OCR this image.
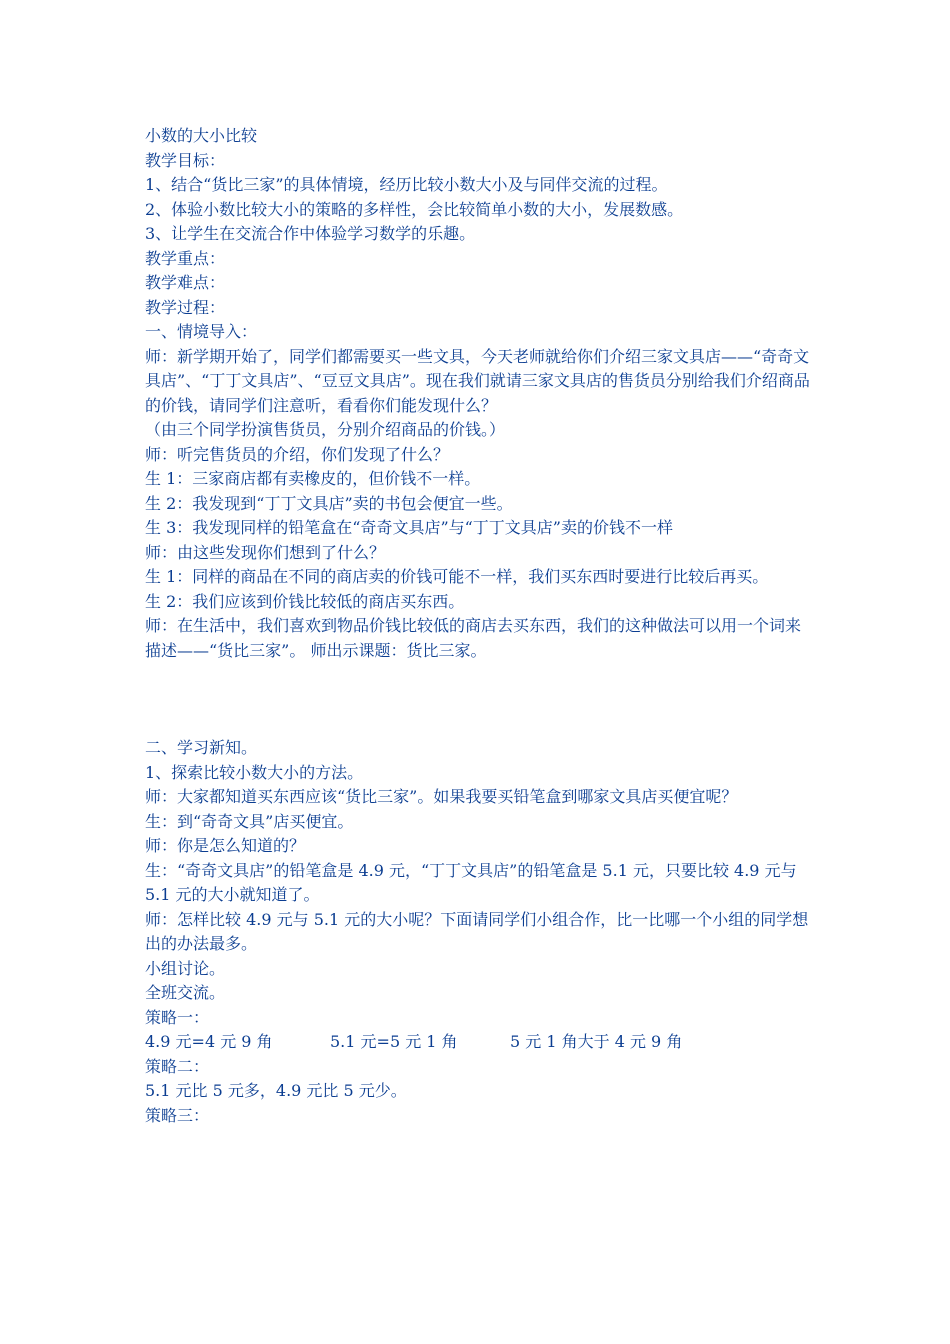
小数的大小比较
教学目标：
1、结合“货比三家”的具体情境，经历比较小数大小及与同伴交流的过程。
2、体验小数比较大小的策略的多样性，会比较简单小数的大小，发展数感。
3、让学生在交流合作中体验学习数学的乐趣。
教学重点：
教学难点：
教学过程：
一、情境导入：
师：新学期开始了，同学们都需要买一些文具，今天老师就给你们介绍三家文具店——“奇奇文具店”、“丁丁文具店”、“豆豆文具店”。现在我们就请三家文具店的售货员分别给我们介绍商品的价钱，请同学们注意听，看看你们能发现什么？
（由三个同学扮演售货员，分别介绍商品的价钱。）
师：听完售货员的介绍，你们发现了什么？
生 1：三家商店都有卖橡皮的，但价钱不一样。
生 2：我发现到“丁丁文具店”卖的书包会便宜一些。
生 3：我发现同样的铅笔盒在“奇奇文具店”与“丁丁文具店”卖的价钱不一样
师：由这些发现你们想到了什么？
生 1：同样的商品在不同的商店卖的价钱可能不一样，我们买东西时要进行比较后再买。
生 2：我们应该到价钱比较低的商店买东西。
师：在生活中，我们喜欢到物品价钱比较低的商店去买东西，我们的这种做法可以用一个词来描述——“货比三家”。 师出示课题：货比三家。
二、学习新知。
1、探索比较小数大小的方法。
师：大家都知道买东西应该“货比三家”。如果我要买铅笔盒到哪家文具店买便宜呢？
生：到“奇奇文具”店买便宜。
师：你是怎么知道的？
生：“奇奇文具店”的铅笔盒是 4.9 元，“丁丁文具店”的铅笔盒是 5.1 元，只要比较 4.9 元与 5.1 元的大小就知道了。
师：怎样比较 4.9 元与 5.1 元的大小呢？下面请同学们小组合作，比一比哪一个小组的同学想出的办法最多。
小组讨论。
全班交流。
策略一：
4.9 元=4 元 9 角	5.1 元=5 元 1 角	5 元 1 角大于 4 元 9 角
策略二：
5.1 元比 5 元多，4.9 元比 5 元少。
策略三：
